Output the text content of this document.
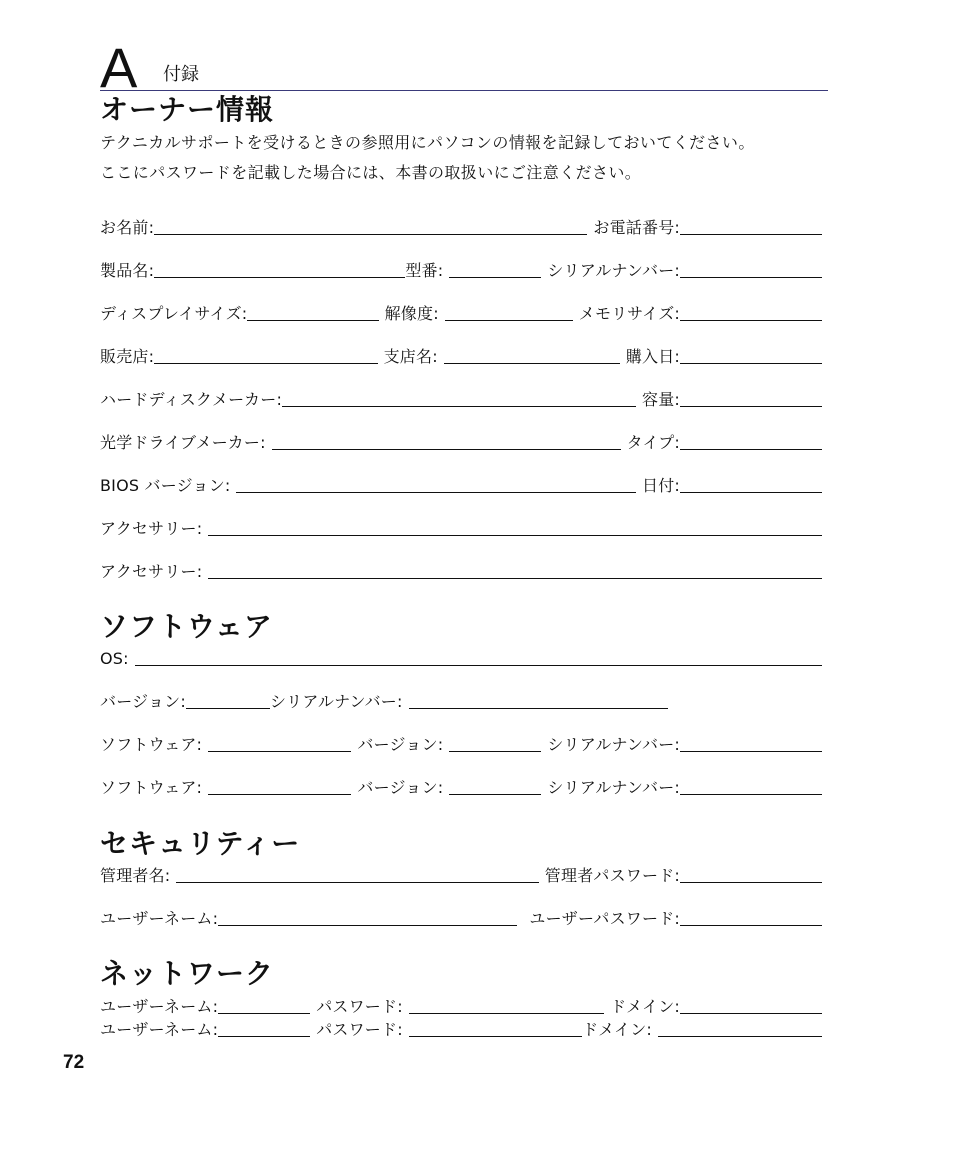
A 付録
オーナー情報
テクニカルサポートを受けるときの参照用にパソコンの情報を記録しておいてください。
ここにパスワードを記載した場合には、本書の取扱いにご注意ください。
お名前:	お電話番号:
製品名:	型番:	シリアルナンバー:
ディスプレイサイズ:	解像度:	メモリサイズ:
販売店:	支店名:	購入日:
ハードディスクメーカー:	容量:
光学ドライブメーカー:	タイプ:
BIOS バージョン:	日付:
アクセサリー:
アクセサリー:
ソフトウェア
OS:
バージョン:	シリアルナンバー:
ソフトウェア:	バージョン:	シリアルナンバー:
ソフトウェア:	バージョン:	シリアルナンバー:
セキュリティー
管理者名:	管理者パスワード:
ユーザーネーム:	ユーザーパスワード:
ネットワーク
ユーザーネーム:	パスワード:	ドメイン:
ユーザーネーム:	パスワード:	ドメイン:
72
